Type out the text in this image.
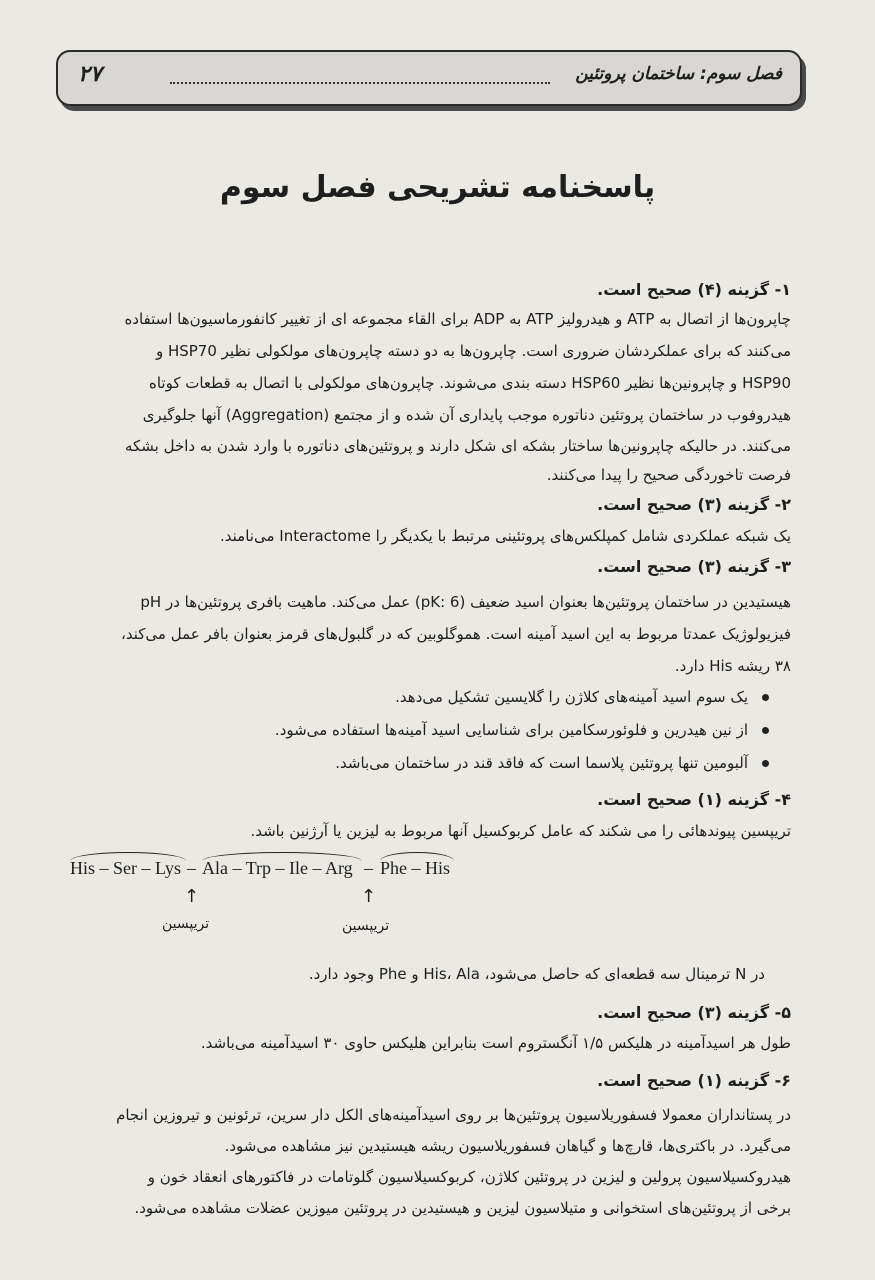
فصل سوم: ساختمان پروتئین
۲۷
پاسخنامه تشریحی فصل سوم
۱- گزینه (۴) صحیح است.
چاپرون‌ها از اتصال به ATP و هیدرولیز ATP به ADP برای القاء مجموعه ای از تغییر کانفورماسیون‌ها استفاده
می‌کنند که برای عملکردشان ضروری است. چاپرون‌ها به دو دسته چاپرون‌های مولکولی نظیر HSP70 و
HSP90 و چاپرونین‌ها نظیر HSP60 دسته بندی می‌شوند. چاپرون‌های مولکولی با اتصال به قطعات کوتاه
هیدروفوب در ساختمان پروتئین دناتوره موجب پایداری آن شده و از مجتمع (Aggregation) آنها جلوگیری
می‌کنند. در حالیکه چاپرونین‌ها ساختار بشکه ای شکل دارند و پروتئین‌های دناتوره با وارد شدن به داخل بشکه
فرصت تاخوردگی صحیح را پیدا می‌کنند.
۲- گزینه (۳) صحیح است.
یک شبکه عملکردی شامل کمپلکس‌های پروتئینی مرتبط با یکدیگر را Interactome می‌نامند.
۳- گزینه (۳) صحیح است.
هیستیدین در ساختمان پروتئین‌ها بعنوان اسید ضعیف (pK: 6) عمل می‌کند. ماهیت بافری پروتئین‌ها در pH
فیزیولوژیک عمدتا مربوط به این اسید آمینه است. هموگلوبین که در گلبول‌های قرمز بعنوان بافر عمل می‌کند،
۳۸ ریشه His دارد.
یک سوم اسید آمینه‌های کلاژن را گلایسین تشکیل می‌دهد.
از نین هیدرین و فلوئورسکامین برای شناسایی اسید آمینه‌ها استفاده می‌شود.
آلبومین تنها پروتئین پلاسما است که فاقد قند در ساختمان می‌باشد.
۴- گزینه (۱) صحیح است.
تریپسین پیوندهائی را می شکند که عامل کربوکسیل آنها مربوط به لیزین یا آرژنین باشد.
His – Ser – Lys – Ala – Trp – Ile – Arg – Phe – His
↑	↑
تریپسین	تریپسین
در N ترمینال سه قطعه‌ای که حاصل می‌شود، His، Ala و Phe وجود دارد.
۵- گزینه (۳) صحیح است.
طول هر اسیدآمینه در هلیکس ۱/۵ آنگستروم است بنابراین هلیکس حاوی ۳۰ اسیدآمینه می‌باشد.
۶- گزینه (۱) صحیح است.
در پستانداران معمولا فسفوریلاسیون پروتئین‌ها بر روی اسیدآمینه‌های الکل دار سرین، ترئونین و تیروزین انجام
می‌گیرد. در باکتری‌ها، قارچ‌ها و گیاهان فسفوریلاسیون ریشه هیستیدین نیز مشاهده می‌شود.
هیدروکسیلاسیون پرولین و لیزین در پروتئین کلاژن، کربوکسیلاسیون گلوتامات در فاکتورهای انعقاد خون و
برخی از پروتئین‌های استخوانی و متیلاسیون لیزین و هیستیدین در پروتئین میوزین عضلات مشاهده می‌شود.
